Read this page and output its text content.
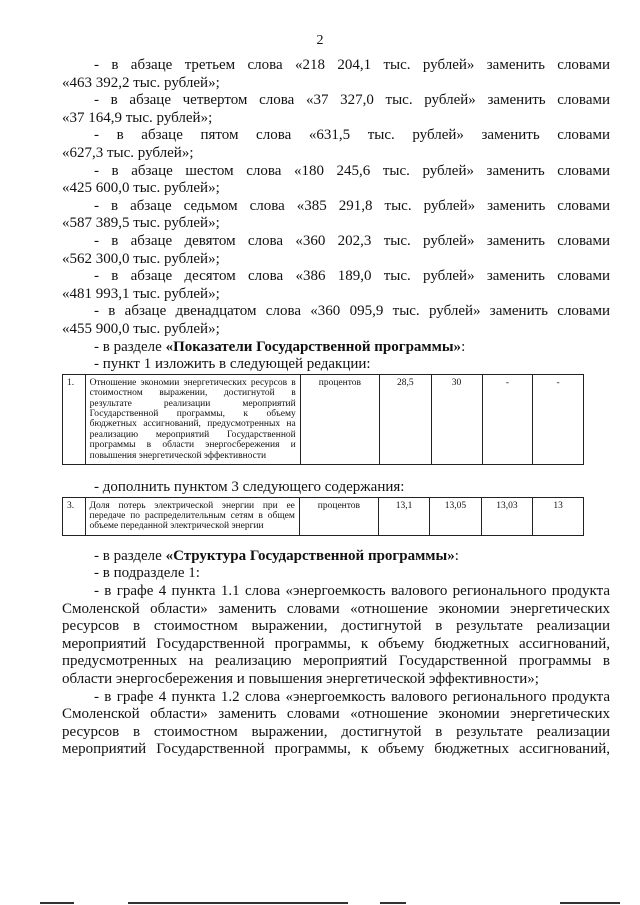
2

- в абзаце третьем слова «218 204,1 тыс. рублей» заменить словами

«463 392,2 тыс. рублей»;

- в абзаце четвертом слова «37 327,0 тыс. рублей» заменить словами

«37 164,9 тыс. рублей»;

- в абзаце пятом слова «631,5 тыс. рублей» заменить словами

«627,3 тыс. рублей»;

- в абзаце шестом слова «180 245,6 тыс. рублей» заменить словами

«425 600,0 тыс. рублей»;

- в абзаце седьмом слова «385 291,8 тыс. рублей» заменить словами

«587 389,5 тыс. рублей»;

- в абзаце девятом слова «360 202,3 тыс. рублей» заменить словами

«562 300,0 тыс. рублей»;

- в абзаце десятом слова «386 189,0 тыс. рублей» заменить словами

«481 993,1 тыс. рублей»;

- в абзаце двенадцатом слова «360 095,9 тыс. рублей» заменить словами

«455 900,0 тыс. рублей»;

- в разделе «Показатели Государственной программы»:

- пункт 1 изложить в следующей редакции:

1.	Отношение экономии энергетических ресурсов в стоимостном выражении, достигнутой в результате реализации мероприятий Государственной программы, к объему бюджетных ассигнований, предусмотренных на реализацию мероприятий Государственной программы в области энергосбережения и повышения энергетической эффективности	процентов	28,5	30	-	-

- дополнить пунктом 3 следующего содержания:

3.	Доля потерь электрической энергии при ее передаче по распределительным сетям в общем объеме переданной электрической энергии	процентов	13,1	13,05	13,03	13

- в разделе «Структура Государственной программы»:

- в подразделе 1:

- в графе 4 пункта 1.1 слова «энергоемкость валового регионального продукта

Смоленской области» заменить словами «отношение экономии энергетических

ресурсов в стоимостном выражении, достигнутой в результате реализации

мероприятий Государственной программы, к объему бюджетных ассигнований,

предусмотренных на реализацию мероприятий Государственной программы в

области энергосбережения и повышения энергетической эффективности»;

- в графе 4 пункта 1.2 слова «энергоемкость валового регионального продукта

Смоленской области» заменить словами «отношение экономии энергетических

ресурсов в стоимостном выражении, достигнутой в результате реализации

мероприятий Государственной программы, к объему бюджетных ассигнований,
